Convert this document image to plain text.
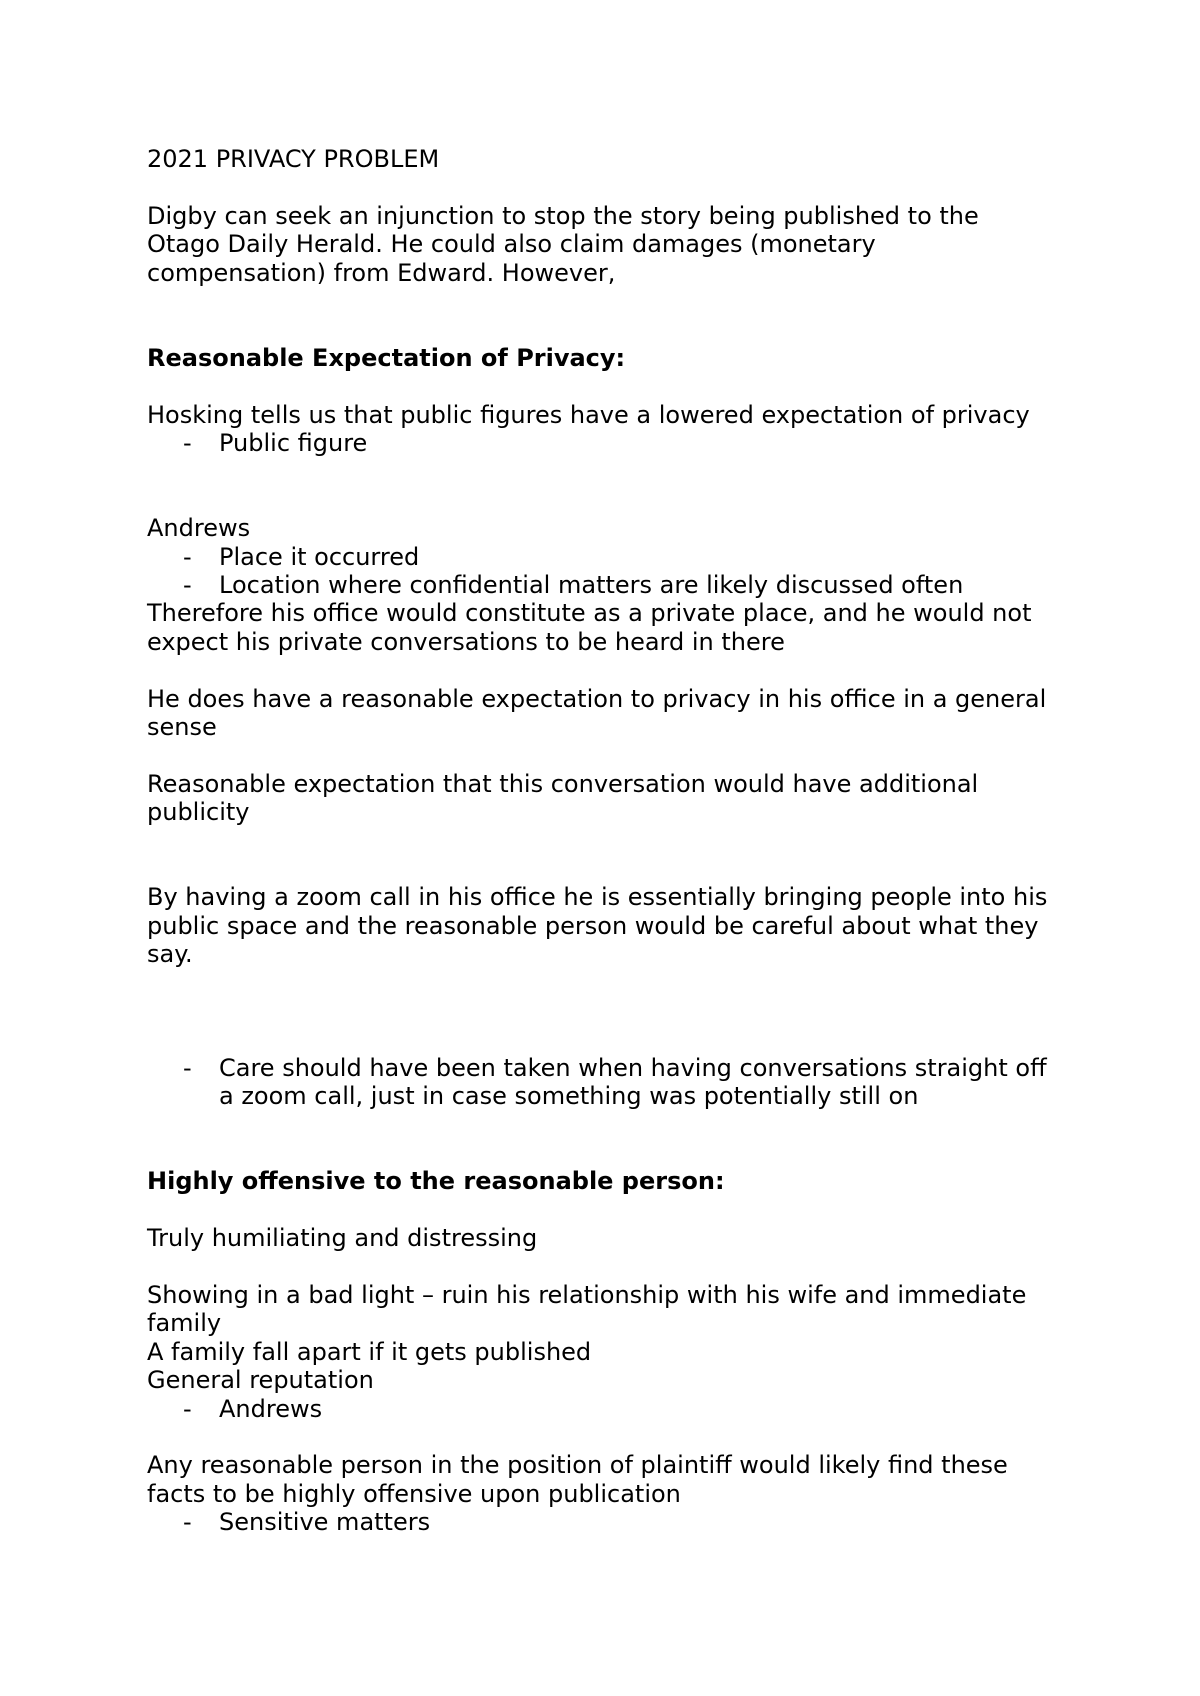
2021 PRIVACY PROBLEM
Digby can seek an injunction to stop the story being published to the
Otago Daily Herald. He could also claim damages (monetary
compensation) from Edward. However,
Reasonable Expectation of Privacy:
Hosking tells us that public figures have a lowered expectation of privacy
- Public figure
Andrews
- Place it occurred
- Location where confidential matters are likely discussed often
Therefore his office would constitute as a private place, and he would not
expect his private conversations to be heard in there
He does have a reasonable expectation to privacy in his office in a general
sense
Reasonable expectation that this conversation would have additional
publicity
By having a zoom call in his office he is essentially bringing people into his
public space and the reasonable person would be careful about what they
say.
- Care should have been taken when having conversations straight off
a zoom call, just in case something was potentially still on
Highly offensive to the reasonable person:
Truly humiliating and distressing
Showing in a bad light – ruin his relationship with his wife and immediate
family
A family fall apart if it gets published
General reputation
- Andrews
Any reasonable person in the position of plaintiff would likely find these
facts to be highly offensive upon publication
- Sensitive matters
